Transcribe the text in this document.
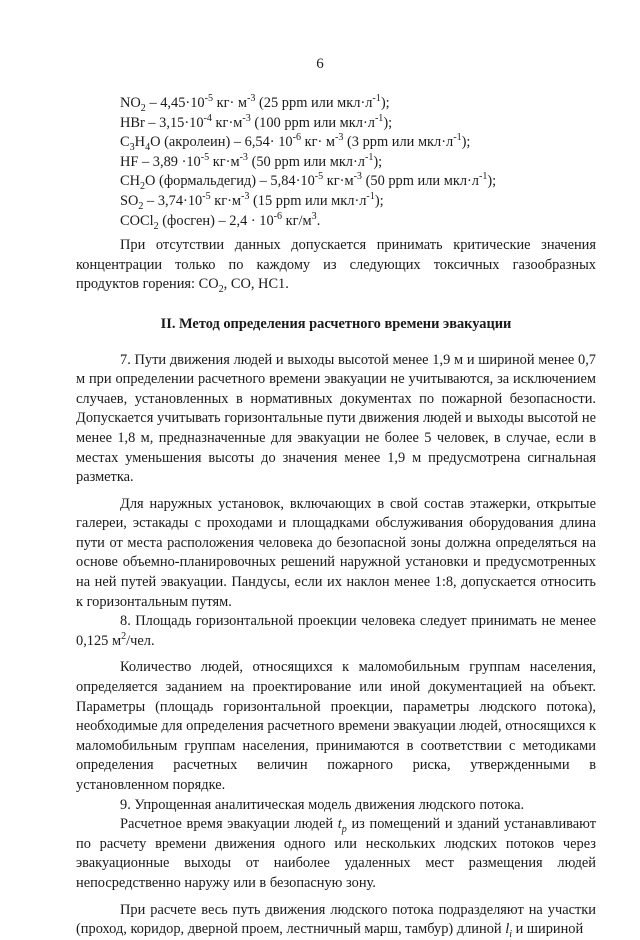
6
$NO_2 - 4,45\cdot 10^{-5}$ $кг\cdot м^{-3}$ (25 ppm или $мкл\cdot л^{-1}$);
HBr – $3,15\cdot 10^{-4}$ $кг\cdot м^{-3}$ (100 ppm или $мкл\cdot л^{-1}$);
$C_3H_4O$ (акролеин) – $6,54\cdot 10^{-6}$ $кг\cdot м^{-3}$ (3 ppm или $мкл\cdot л^{-1}$);
HF – $3,89 \cdot 10^{-5}$ $кг\cdot м^{-3}$ (50 ppm или $мкл\cdot л^{-1}$);
$CH_2O$ (формальдегид) – $5,84\cdot 10^{-5}$ $кг\cdot м^{-3}$ (50 ppm или $мкл\cdot л^{-1}$);
$SO_2 - 3,74\cdot 10^{-5}$ $кг\cdot м^{-3}$ (15 ppm или $мкл\cdot л^{-1}$);
COCl$_2$ (фосген) – $2,4 \cdot 10^{-6}$ $кг/м^3$.

При отсутствии данных допускается принимать критические значения концентрации только по каждому из следующих токсичных газообразных продуктов горения: $CO_2$, CO, HC1.

II. Метод определения расчетного времени эвакуации

7. Пути движения людей и выходы высотой менее 1,9 м и шириной менее 0,7 м при определении расчетного времени эвакуации не учитываются, за исключением случаев, установленных в нормативных документах по пожарной безопасности. Допускается учитывать горизонтальные пути движения людей и выходы высотой не менее 1,8 м, предназначенные для эвакуации не более 5 человек, в случае, если в местах уменьшения высоты до значения менее 1,9 м предусмотрена сигнальная разметка.

Для наружных установок, включающих в свой состав этажерки, открытые галереи, эстакады с проходами и площадками обслуживания оборудования длина пути от места расположения человека до безопасной зоны должна определяться на основе объемно-планировочных решений наружной установки и предусмотренных на ней путей эвакуации. Пандусы, если их наклон менее 1:8, допускается относить к горизонтальным путям.

8. Площадь горизонтальной проекции человека следует принимать не менее 0,125 $м^2$/чел.

Количество людей, относящихся к маломобильным группам населения, определяется заданием на проектирование или иной документацией на объект. Параметры (площадь горизонтальной проекции, параметры людского потока), необходимые для определения расчетного времени эвакуации людей, относящихся к маломобильным группам населения, принимаются в соответствии с методиками определения расчетных величин пожарного риска, утвержденными в установленном порядке.

9. Упрощенная аналитическая модель движения людского потока.

Расчетное время эвакуации людей $t_р$ из помещений и зданий устанавливают по расчету времени движения одного или нескольких людских потоков через эвакуационные выходы от наиболее удаленных мест размещения людей непосредственно наружу или в безопасную зону.

При расчете весь путь движения людского потока подразделяют на участки (проход, коридор, дверной проем, лестничный марш, тамбур) длиной $l_i$ и шириной
